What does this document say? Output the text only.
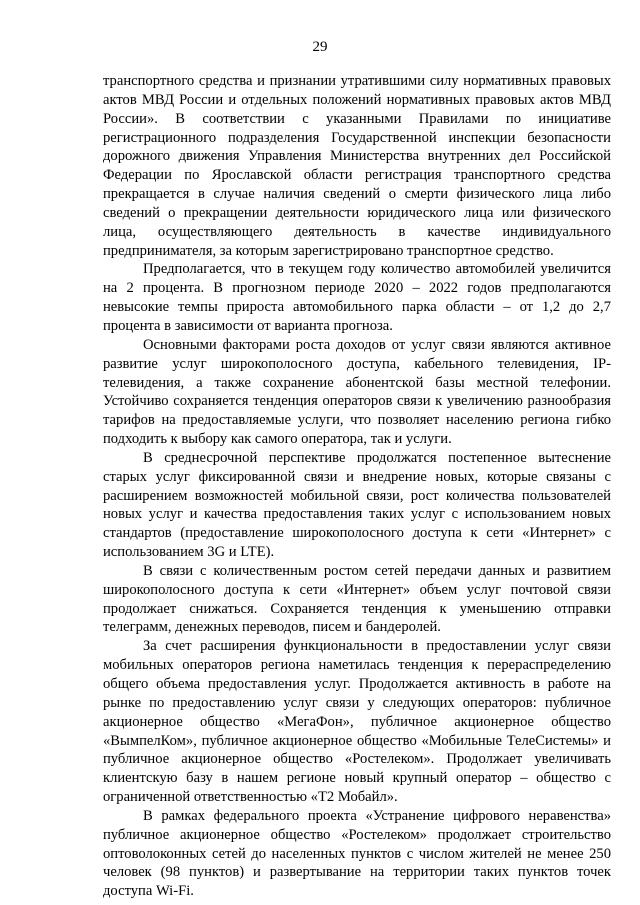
29

транспортного средства и признании утратившими силу нормативных правовых актов МВД России и отдельных положений нормативных правовых актов МВД России». В соответствии с указанными Правилами по инициативе регистрационного подразделения Государственной инспекции безопасности дорожного движения Управления Министерства внутренних дел Российской Федерации по Ярославской области регистрация транспортного средства прекращается в случае наличия сведений о смерти физического лица либо сведений о прекращении деятельности юридического лица или физического лица, осуществляющего деятельность в качестве индивидуального предпринимателя, за которым зарегистрировано транспортное средство.

Предполагается, что в текущем году количество автомобилей увеличится на 2 процента. В прогнозном периоде 2020 – 2022 годов предполагаются невысокие темпы прироста автомобильного парка области – от 1,2 до 2,7 процента в зависимости от варианта прогноза.

Основными факторами роста доходов от услуг связи являются активное развитие услуг широкополосного доступа, кабельного телевидения, IP-телевидения, а также сохранение абонентской базы местной телефонии. Устойчиво сохраняется тенденция операторов связи к увеличению разнообразия тарифов на предоставляемые услуги, что позволяет населению региона гибко подходить к выбору как самого оператора, так и услуги.

В среднесрочной перспективе продолжатся постепенное вытеснение старых услуг фиксированной связи и внедрение новых, которые связаны с расширением возможностей мобильной связи, рост количества пользователей новых услуг и качества предоставления таких услуг с использованием новых стандартов (предоставление широкополосного доступа к сети «Интернет» с использованием 3G и LTE).

В связи с количественным ростом сетей передачи данных и развитием широкополосного доступа к сети «Интернет» объем услуг почтовой связи продолжает снижаться. Сохраняется тенденция к уменьшению отправки телеграмм, денежных переводов, писем и бандеролей.

За счет расширения функциональности в предоставлении услуг связи мобильных операторов региона наметилась тенденция к перераспределению общего объема предоставления услуг. Продолжается активность в работе на рынке по предоставлению услуг связи у следующих операторов: публичное акционерное общество «МегаФон», публичное акционерное общество «ВымпелКом», публичное акционерное общество «Мобильные ТелеСистемы» и публичное акционерное общество «Ростелеком». Продолжает увеличивать клиентскую базу в нашем регионе новый крупный оператор – общество с ограниченной ответственностью «Т2 Мобайл».

В рамках федерального проекта «Устранение цифрового неравенства» публичное акционерное общество «Ростелеком» продолжает строительство оптоволоконных сетей до населенных пунктов с числом жителей не менее 250 человек (98 пунктов) и развертывание на территории таких пунктов точек доступа Wi-Fi.
